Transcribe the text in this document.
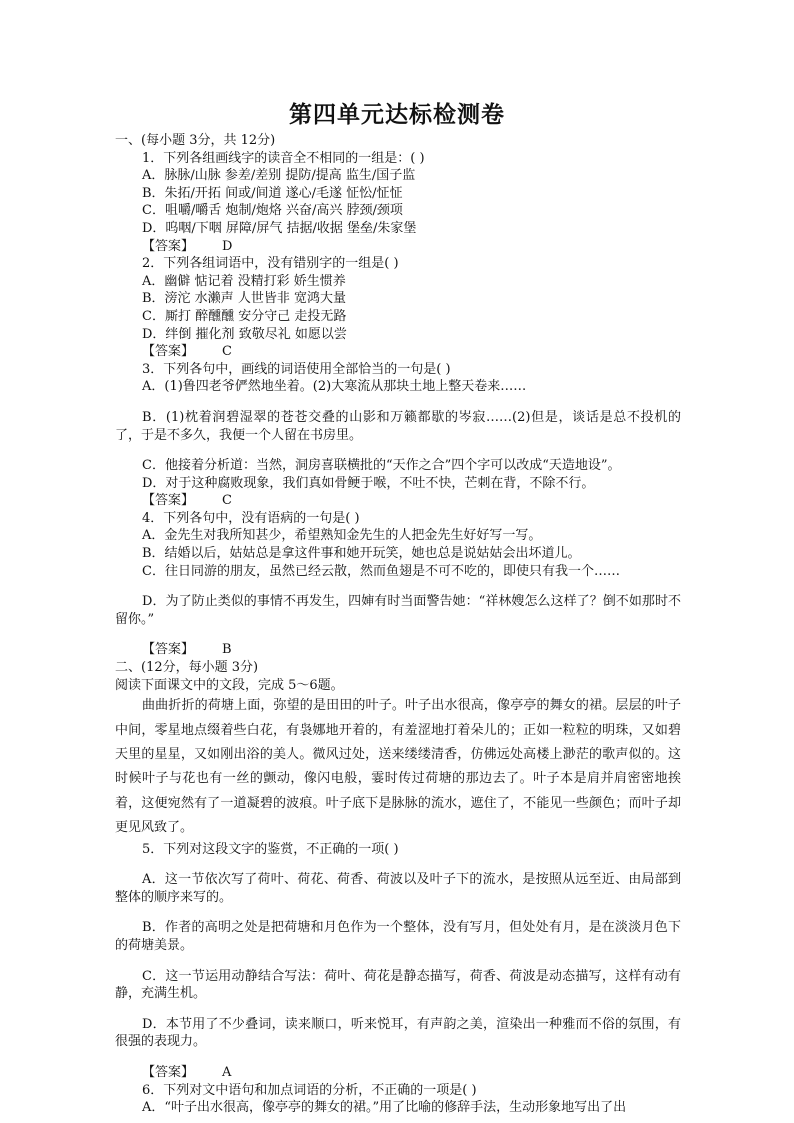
第四单元达标检测卷

一、(每小题 3分，共 12分)

1．下列各组画线字的读音全不相同的一组是：( )

A．脉脉/山脉 参差/差别 提防/提高 监生/国子监

B．朱拓/开拓 间或/间道 遂心/毛遂 怔忪/怔怔

C．咀嚼/嚼舌 炮制/炮烙 兴奋/高兴 脖颈/颈项

D．呜咽/下咽 屏障/屏气 拮据/收据 堡垒/朱家堡

【答案】 D

2．下列各组词语中，没有错别字的一组是( )

A．幽僻 惦记着 没精打彩 娇生惯养

B．滂沱 水濑声 人世皆非 宽鸿大量

C．厮打 醉醺醺 安分守己 走投无路

D．绊倒 摧化剂 致敬尽礼 如愿以尝

【答案】 C

3．下列各句中，画线的词语使用全部恰当的一句是( )

A．(1)鲁四老爷俨然地坐着。(2)大寒流从那块土地上整天卷来……

B．(1)枕着润碧湿翠的苍苍交叠的山影和万籁都歇的岑寂……(2)但是，谈话是总不投机的了，于是不多久，我便一个人留在书房里。

C．他接着分析道：当然，洞房喜联横批的“天作之合”四个字可以改成“天造地设”。

D．对于这种腐败现象，我们真如骨鲠于喉，不吐不快，芒刺在背，不除不行。

【答案】 C

4．下列各句中，没有语病的一句是( )

A．金先生对我所知甚少，希望熟知金先生的人把金先生好好写一写。

B．结婚以后，姑姑总是拿这件事和她开玩笑，她也总是说姑姑会出坏道儿。

C．往日同游的朋友，虽然已经云散，然而鱼翅是不可不吃的，即使只有我一个……

D．为了防止类似的事情不再发生，四婶有时当面警告她：“祥林嫂怎么这样了？倒不如那时不留你。”

【答案】 B

二、(12分，每小题 3分)

阅读下面课文中的文段，完成 5～6题。

曲曲折折的荷塘上面，弥望的是田田的叶子。叶子出水很高，像亭亭的舞女的裙。层层的叶子中间，零星地点缀着些白花，有袅娜地开着的，有羞涩地打着朵儿的；正如一粒粒的明珠，又如碧天里的星星，又如刚出浴的美人。微风过处，送来缕缕清香，仿佛远处高楼上渺茫的歌声似的。这时候叶子与花也有一丝的颤动，像闪电般，霎时传过荷塘的那边去了。叶子本是肩并肩密密地挨着，这便宛然有了一道凝碧的波痕。叶子底下是脉脉的流水，遮住了，不能见一些颜色；而叶子却更见风致了。

5．下列对这段文字的鉴赏，不正确的一项( )

A．这一节依次写了荷叶、荷花、荷香、荷波以及叶子下的流水，是按照从远至近、由局部到整体的顺序来写的。

B．作者的高明之处是把荷塘和月色作为一个整体，没有写月，但处处有月，是在淡淡月色下的荷塘美景。

C．这一节运用动静结合写法：荷叶、荷花是静态描写，荷香、荷波是动态描写，这样有动有静，充满生机。

D．本节用了不少叠词，读来顺口，听来悦耳，有声韵之美，渲染出一种雅而不俗的氛围，有很强的表现力。

【答案】 A

6．下列对文中语句和加点词语的分析，不正确的一项是( )

A．“叶子出水很高，像亭亭的舞女的裙。”用了比喻的修辞手法，生动形象地写出了出
